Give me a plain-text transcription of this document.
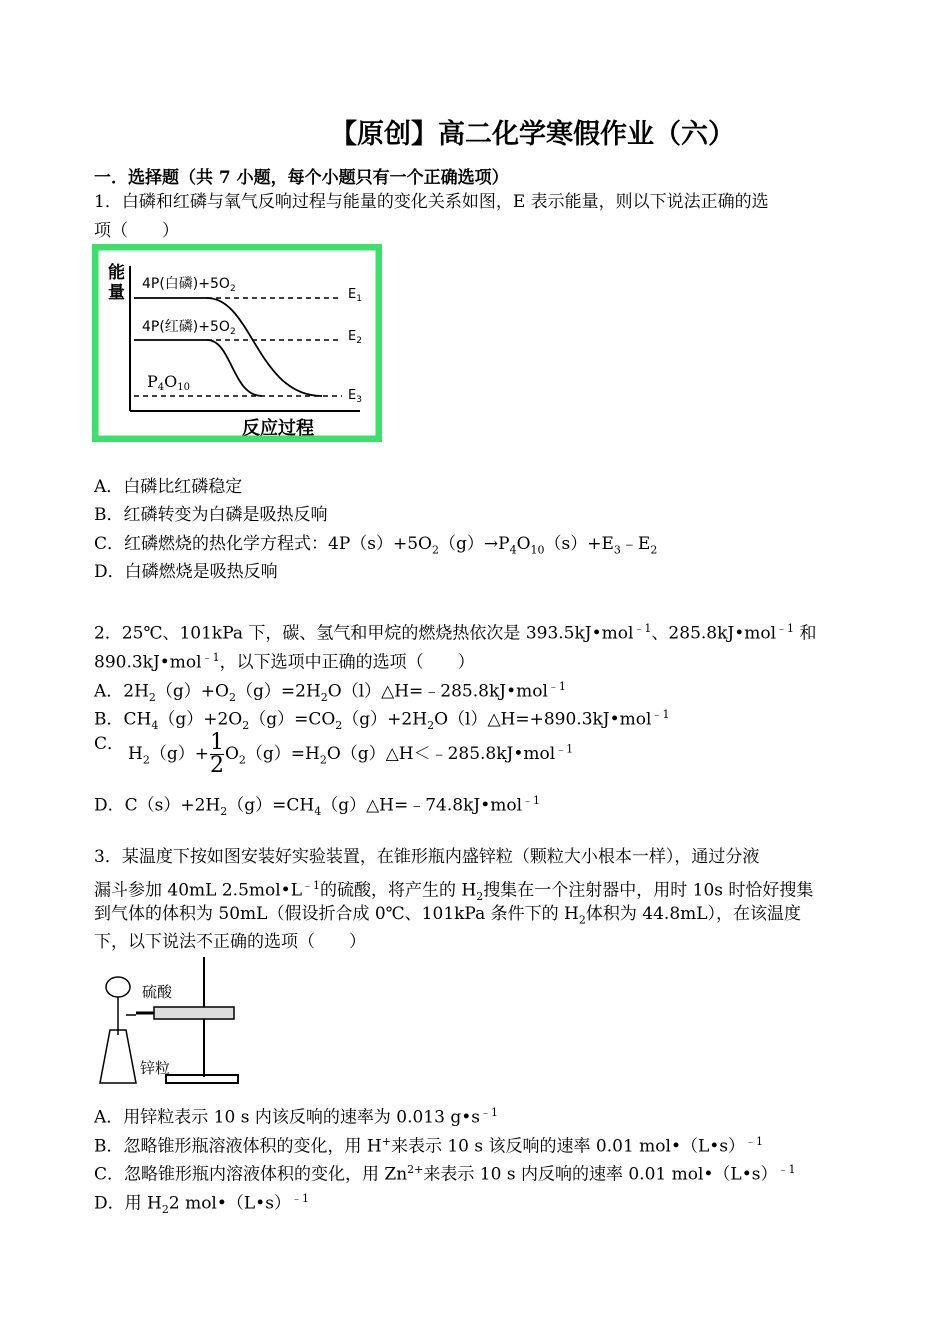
【原创】高二化学寒假作业（六）
一．选择题（共 7 小题，每个小题只有一个正确选项）
1．白磷和红磷与氧气反响过程与能量的变化关系如图，E 表示能量，则以下说法正确的选
项（　　）
能
量 4P(白磷)$+5O_2$
4P(红磷)$+5O_2$
P4O10
$E_1$
$E_2$
$E_3$
反应过程
A．白磷比红磷稳定
B．红磷转变为白磷是吸热反响
C．红磷燃烧的热化学方程式：$4P(s)+5O_2(g)\to P_4O_{10}(s)+E_3﹣E_2$
D．白磷燃烧是吸热反响
2．25℃、101kPa 下，碳、氢气和甲烷的燃烧热依次是 393.5kJ•mol$^{﹣1}$、285.8kJ•mol$^{﹣1}$ 和
890.3kJ•mol$^{﹣1}$，以下选项中正确的选项（　　）
A．$2H_2(g)+O_2(g)=2H_2O(l)\triangle H=﹣285.8kJ•mol^{﹣1}$
B．$CH_4(g)+2O_2(g)=CO_2(g)+2H_2O(l)\triangle H=+890.3kJ•mol^{﹣1}$
C． $H_2(g)+ \frac{1}{2}$ $O_2(g)=H_2O(g)\triangle H<﹣285.8kJ•mol^{﹣1}$
D．$C(s)+2H_2(g)=CH_4(g)\triangle H=﹣74.8kJ•mol^{﹣1}$
3．某温度下按如图安装好实验装置，在锥形瓶内盛锌粒（颗粒大小根本一样），通过分液
漏斗参加 40mL $2.5mol•L^{﹣1}$的硫酸，将产生的 $H_2$搜集在一个注射器中，用时 10s 时恰好搜集
到气体的体积为 50mL（假设折合成 0℃、101kPa 条件下的 $H_2$体积为 44.8mL），在该温度
下，以下说法不正确的选项（　　）
硫酸
锌粒
A．用锌粒表示 10 s 内该反响的速率为 0.013 $g•s^{﹣1}$
B．忽略锥形瓶溶液体积的变化，用 H+来表示 10 s 该反响的速率 0.01 mol•（L•s）$^{﹣1}$
C．忽略锥形瓶内溶液体积的变化，用 $Zn^{2+}$来表示 10 s 内反响的速率 0.01 mol•（L•s）$^{﹣1}$
D．用 $H_22$ mol•（L•s）$^{﹣1}$
